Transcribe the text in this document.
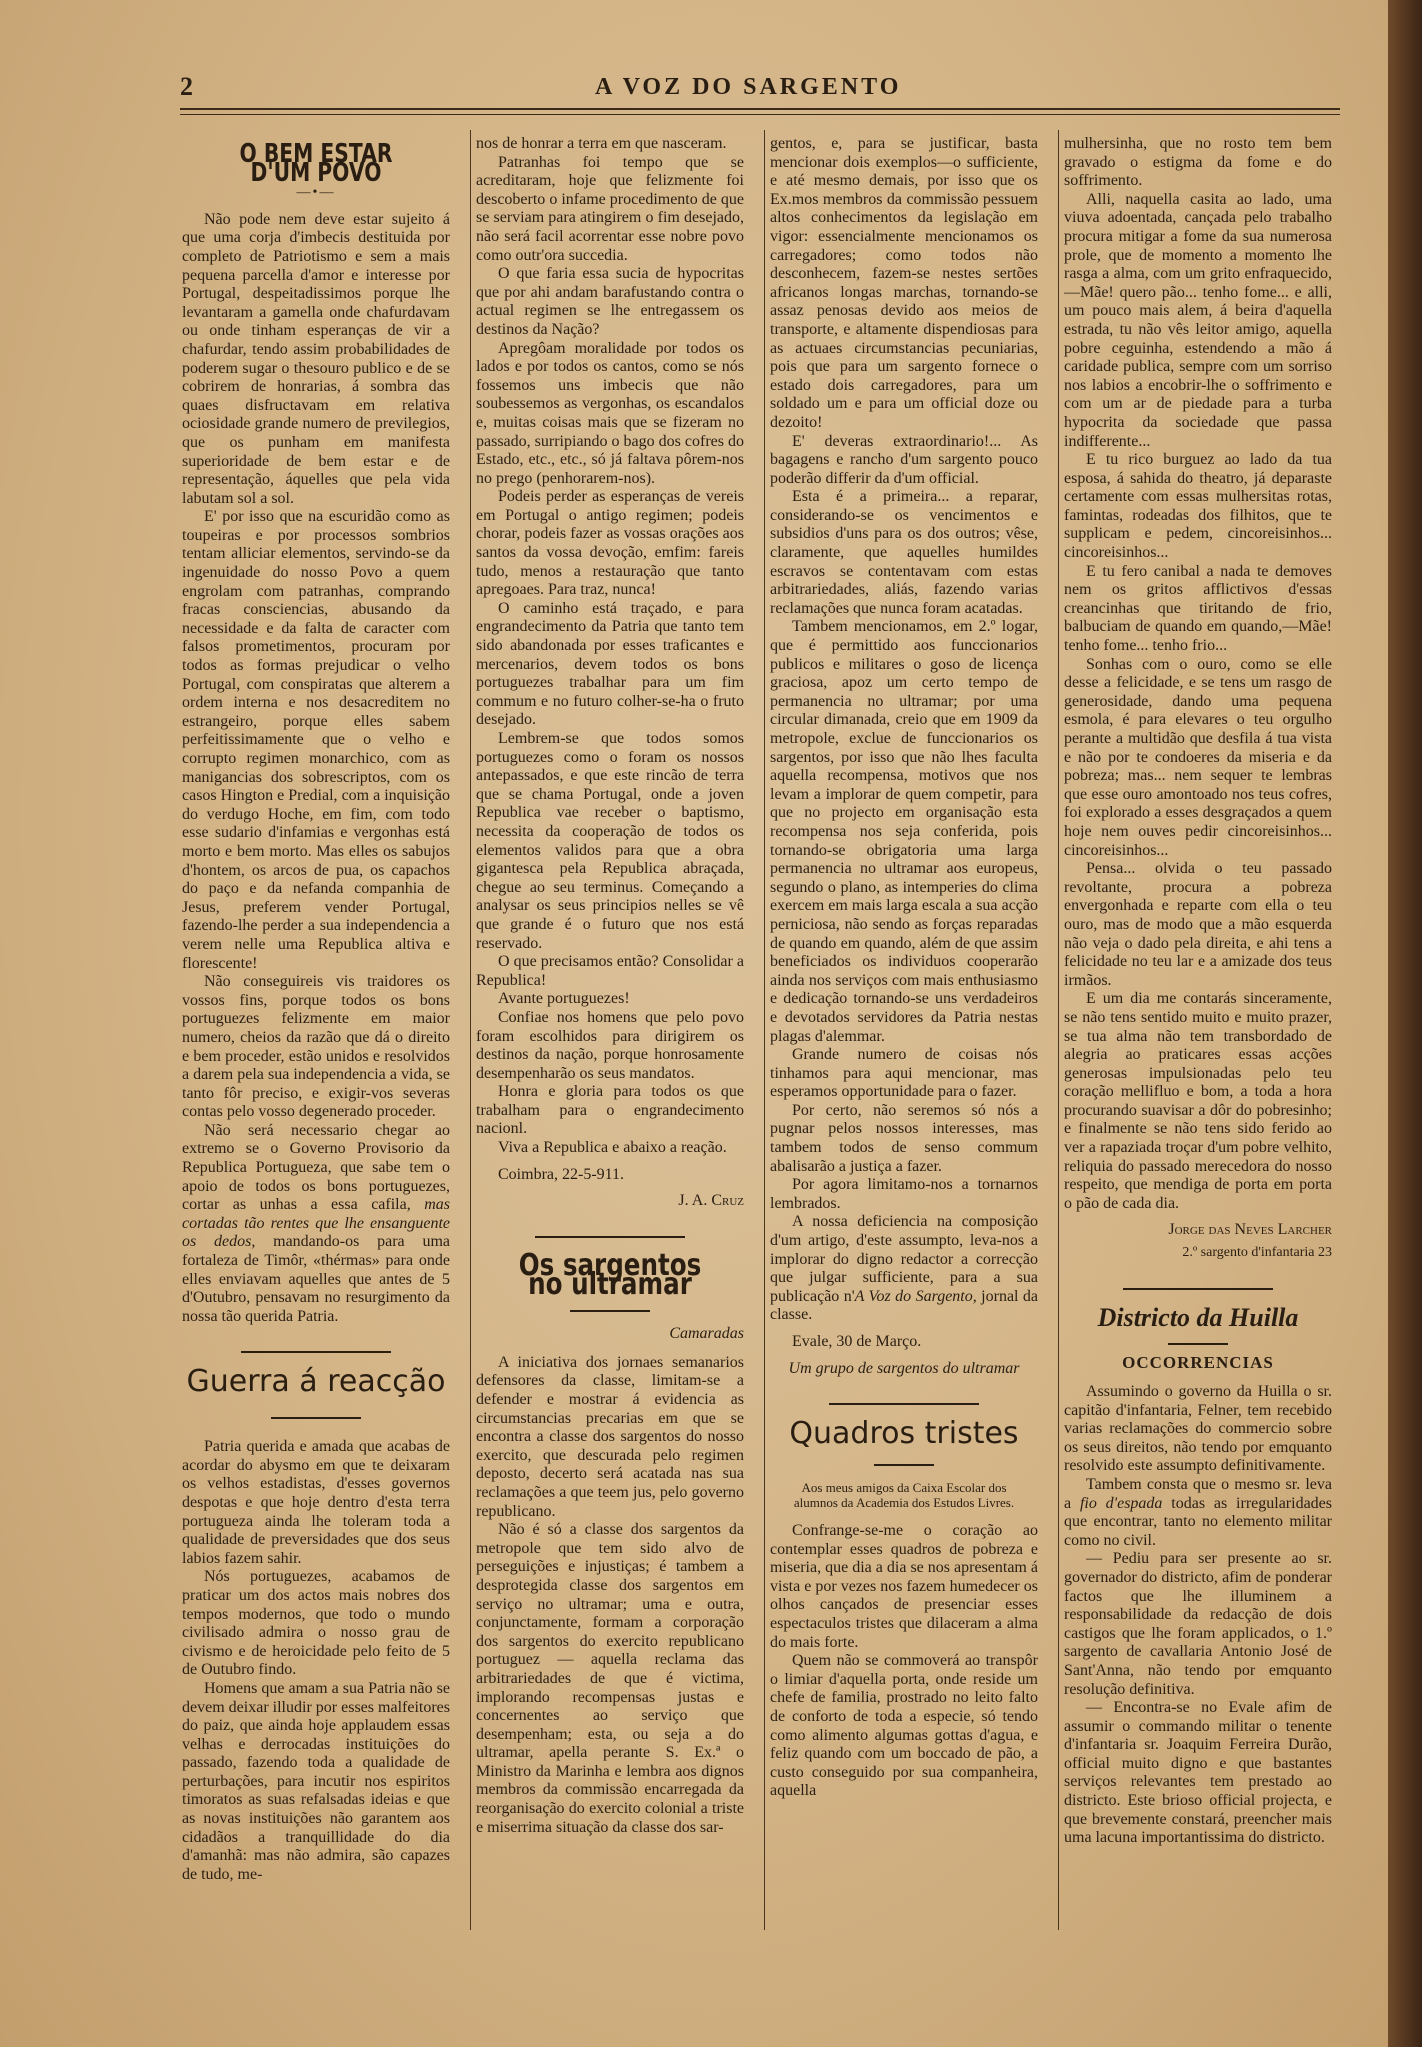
2	A VOZ DO SARGENTO
O BEM ESTAR D'UM POVO
—•—

Não pode nem deve estar sujeito á que uma corja d'imbecis destituida por completo de Patriotismo e sem a mais pequena parcella d'amor e interesse por Portugal, despeitadissimos porque lhe levantaram a gamella onde chafurdavam ou onde tinham esperanças de vir a chafurdar, tendo assim probabilidades de poderem sugar o thesouro publico e de se cobrirem de honrarias, á sombra das quaes disfructavam em relativa ociosidade grande numero de previlegios, que os punham em manifesta superioridade de bem estar e de representação, áquelles que pela vida labutam sol a sol.

E' por isso que na escuridão como as toupeiras e por processos sombrios tentam alliciar elementos, servindo-se da ingenuidade do nosso Povo a quem engrolam com patranhas, comprando fracas consciencias, abusando da necessidade e da falta de caracter com falsos prometimentos, procuram por todos as formas prejudicar o velho Portugal, com conspiratas que alterem a ordem interna e nos desacreditem no estrangeiro, porque elles sabem perfeitissimamente que o velho e corrupto regimen monarchico, com as manigancias dos sobrescriptos, com os casos Hington e Predial, com a inquisição do verdugo Hoche, em fim, com todo esse sudario d'infamias e vergonhas está morto e bem morto. Mas elles os sabujos d'hontem, os arcos de pua, os capachos do paço e da nefanda companhia de Jesus, preferem vender Portugal, fazendo-lhe perder a sua independencia a verem nelle uma Republica altiva e florescente!

Não conseguireis vis traidores os vossos fins, porque todos os bons portuguezes felizmente em maior numero, cheios da razão que dá o direito e bem proceder, estão unidos e resolvidos a darem pela sua independencia a vida, se tanto fôr preciso, e exigir-vos severas contas pelo vosso degenerado proceder.

Não será necessario chegar ao extremo se o Governo Provisorio da Republica Portugueza, que sabe tem o apoio de todos os bons portuguezes, cortar as unhas a essa cafila, mas cortadas tão rentes que lhe ensanguente os dedos, mandando-os para uma fortaleza de Timôr, «thérmas» para onde elles enviavam aquelles que antes de 5 d'Outubro, pensavam no resurgimento da nossa tão querida Patria.

Guerra á reacção

Patria querida e amada que acabas de acordar do abysmo em que te deixaram os velhos estadistas, d'esses governos despotas e que hoje dentro d'esta terra portugueza ainda lhe toleram toda a qualidade de preversidades que dos seus labios fazem sahir.

Nós portuguezes, acabamos de praticar um dos actos mais nobres dos tempos modernos, que todo o mundo civilisado admira o nosso grau de civismo e de heroicidade pelo feito de 5 de Outubro findo.

Homens que amam a sua Patria não se devem deixar illudir por esses malfeitores do paiz, que ainda hoje applaudem essas velhas e derrocadas instituições do passado, fazendo toda a qualidade de perturbações, para incutir nos espiritos timoratos as suas refalsadas ideias e que as novas instituições não garantem aos cidadãos a tranquillidade do dia d'amanhã: mas não admira, são capazes de tudo, me-

nos de honrar a terra em que nasceram.

Patranhas foi tempo que se acreditaram, hoje que felizmente foi descoberto o infame procedimento de que se serviam para atingirem o fim desejado, não será facil acorrentar esse nobre povo como outr'ora succedia.

O que faria essa sucia de hypocritas que por ahi andam barafustando contra o actual regimen se lhe entregassem os destinos da Nação?

Apregôam moralidade por todos os lados e por todos os cantos, como se nós fossemos uns imbecis que não soubessemos as vergonhas, os escandalos e, muitas coisas mais que se fizeram no passado, surripiando o bago dos cofres do Estado, etc., etc., só já faltava pôrem-nos no prego (penhorarem-nos).

Podeis perder as esperanças de vereis em Portugal o antigo regimen; podeis chorar, podeis fazer as vossas orações aos santos da vossa devoção, emfim: fareis tudo, menos a restauração que tanto apregoaes. Para traz, nunca!

O caminho está traçado, e para engrandecimento da Patria que tanto tem sido abandonada por esses traficantes e mercenarios, devem todos os bons portuguezes trabalhar para um fim commum e no futuro colher-se-ha o fruto desejado.

Lembrem-se que todos somos portuguezes como o foram os nossos antepassados, e que este rincão de terra que se chama Portugal, onde a joven Republica vae receber o baptismo, necessita da cooperação de todos os elementos validos para que a obra gigantesca pela Republica abraçada, chegue ao seu terminus. Começando a analysar os seus principios nelles se vê que grande é o futuro que nos está reservado.

O que precisamos então? Consolidar a Republica!

Avante portuguezes!

Confiae nos homens que pelo povo foram escolhidos para dirigirem os destinos da nação, porque honrosamente desempenharão os seus mandatos.

Honra e gloria para todos os que trabalham para o engrandecimento nacionl.

Viva a Republica e abaixo a reação.

Coimbra, 22-5-911.

J. A. Cruz
Os sargentos no ultramar
Camaradas

A iniciativa dos jornaes semanarios defensores da classe, limitam-se a defender e mostrar á evidencia as circumstancias precarias em que se encontra a classe dos sargentos do nosso exercito, que descurada pelo regimen deposto, decerto será acatada nas sua reclamações a que teem jus, pelo governo republicano.

Não é só a classe dos sargentos da metropole que tem sido alvo de perseguições e injustiças; é tambem a desprotegida classe dos sargentos em serviço no ultramar; uma e outra, conjunctamente, formam a corporação dos sargentos do exercito republicano portuguez — aquella reclama das arbitrariedades de que é victima, implorando recompensas justas e concernentes ao serviço que desempenham; esta, ou seja a do ultramar, apella perante S. Ex.ª o Ministro da Marinha e lembra aos dignos membros da commissão encarregada da reorganisação do exercito colonial a triste e miserrima situação da classe dos sar-

gentos, e, para se justificar, basta mencionar dois exemplos—o sufficiente, e até mesmo demais, por isso que os Ex.mos membros da commissão pessuem altos conhecimentos da legislação em vigor: essencialmente mencionamos os carregadores; como todos não desconhecem, fazem-se nestes sertões africanos longas marchas, tornando-se assaz penosas devido aos meios de transporte, e altamente dispendiosas para as actuaes circumstancias pecuniarias, pois que para um sargento fornece o estado dois carregadores, para um soldado um e para um official doze ou dezoito!

E' deveras extraordinario!... As bagagens e rancho d'um sargento pouco poderão differir da d'um official.

Esta é a primeira... a reparar, considerando-se os vencimentos e subsidios d'uns para os dos outros; vêse, claramente, que aquelles humildes escravos se contentavam com estas arbitrariedades, aliás, fazendo varias reclamações que nunca foram acatadas.

Tambem mencionamos, em 2.º logar, que é permittido aos funccionarios publicos e militares o goso de licença graciosa, apoz um certo tempo de permanencia no ultramar; por uma circular dimanada, creio que em 1909 da metropole, exclue de funccionarios os sargentos, por isso que não lhes faculta aquella recompensa, motivos que nos levam a implorar de quem competir, para que no projecto em organisação esta recompensa nos seja conferida, pois tornando-se obrigatoria uma larga permanencia no ultramar aos europeus, segundo o plano, as intemperies do clima exercem em mais larga escala a sua acção perniciosa, não sendo as forças reparadas de quando em quando, além de que assim beneficiados os individuos cooperarão ainda nos serviços com mais enthusiasmo e dedicação tornando-se uns verdadeiros e devotados servidores da Patria nestas plagas d'alemmar.

Grande numero de coisas nós tinhamos para aqui mencionar, mas esperamos opportunidade para o fazer.

Por certo, não seremos só nós a pugnar pelos nossos interesses, mas tambem todos de senso commum abalisarão a justiça a fazer.

Por agora limitamo-nos a tornarnos lembrados.

A nossa deficiencia na composição d'um artigo, d'este assumpto, leva-nos a implorar do digno redactor a correcção que julgar sufficiente, para a sua publicação n'A Voz do Sargento, jornal da classe.

Evale, 30 de Março.

Um grupo de sargentos do ultramar
Quadros tristes
Aos meus amigos da Caixa Escolar dos alumnos da Academia dos Estudos Livres.

Confrange-se-me o coração ao contemplar esses quadros de pobreza e miseria, que dia a dia se nos apresentam á vista e por vezes nos fazem humedecer os olhos cançados de presenciar esses espectaculos tristes que dilaceram a alma do mais forte.

Quem não se commoverá ao transpôr o limiar d'aquella porta, onde reside um chefe de familia, prostrado no leito falto de conforto de toda a especie, só tendo como alimento algumas gottas d'agua, e feliz quando com um boccado de pão, a custo conseguido por sua companheira, aquella

mulhersinha, que no rosto tem bem gravado o estigma da fome e do soffrimento.

Alli, naquella casita ao lado, uma viuva adoentada, cançada pelo trabalho procura mitigar a fome da sua numerosa prole, que de momento a momento lhe rasga a alma, com um grito enfraquecido,—Mãe! quero pão... tenho fome... e alli, um pouco mais alem, á beira d'aquella estrada, tu não vês leitor amigo, aquella pobre ceguinha, estendendo a mão á caridade publica, sempre com um sorriso nos labios a encobrir-lhe o soffrimento e com um ar de piedade para a turba hypocrita da sociedade que passa indifferente...

E tu rico burguez ao lado da tua esposa, á sahida do theatro, já deparaste certamente com essas mulhersitas rotas, famintas, rodeadas dos filhitos, que te supplicam e pedem, cincoreisinhos... cincoreisinhos...

E tu fero canibal a nada te demoves nem os gritos afflictivos d'essas creancinhas que tiritando de frio, balbuciam de quando em quando,—Mãe! tenho fome... tenho frio...

Sonhas com o ouro, como se elle desse a felicidade, e se tens um rasgo de generosidade, dando uma pequena esmola, é para elevares o teu orgulho perante a multidão que desfila á tua vista e não por te condoeres da miseria e da pobreza; mas... nem sequer te lembras que esse ouro amontoado nos teus cofres, foi explorado a esses desgraçados a quem hoje nem ouves pedir cincoreisinhos... cincoreisinhos...

Pensa... olvida o teu passado revoltante, procura a pobreza envergonhada e reparte com ella o teu ouro, mas de modo que a mão esquerda não veja o dado pela direita, e ahi tens a felicidade no teu lar e a amizade dos teus irmãos.

E um dia me contarás sinceramente, se não tens sentido muito e muito prazer, se tua alma não tem transbordado de alegria ao praticares essas acções generosas impulsionadas pelo teu coração mellifluo e bom, a toda a hora procurando suavisar a dôr do pobresinho; e finalmente se não tens sido ferido ao ver a rapaziada troçar d'um pobre velhito, reliquia do passado merecedora do nosso respeito, que mendiga de porta em porta o pão de cada dia.

Jorge das Neves Larcher
2.º sargento d'infantaria 23
Districto da Huilla
OCCORRENCIAS

Assumindo o governo da Huilla o sr. capitão d'infantaria, Felner, tem recebido varias reclamações do commercio sobre os seus direitos, não tendo por emquanto resolvido este assumpto definitivamente.

Tambem consta que o mesmo sr. leva a fio d'espada todas as irregularidades que encontrar, tanto no elemento militar como no civil.

— Pediu para ser presente ao sr. governador do districto, afim de ponderar factos que lhe illuminem a responsabilidade da redacção de dois castigos que lhe foram applicados, o 1.º sargento de cavallaria Antonio José de Sant'Anna, não tendo por emquanto resolução definitiva.

— Encontra-se no Evale afim de assumir o commando militar o tenente d'infantaria sr. Joaquim Ferreira Durão, official muito digno e que bastantes serviços relevantes tem prestado ao districto. Este brioso official projecta, e que brevemente constará, preencher mais uma lacuna importantissima do districto.
